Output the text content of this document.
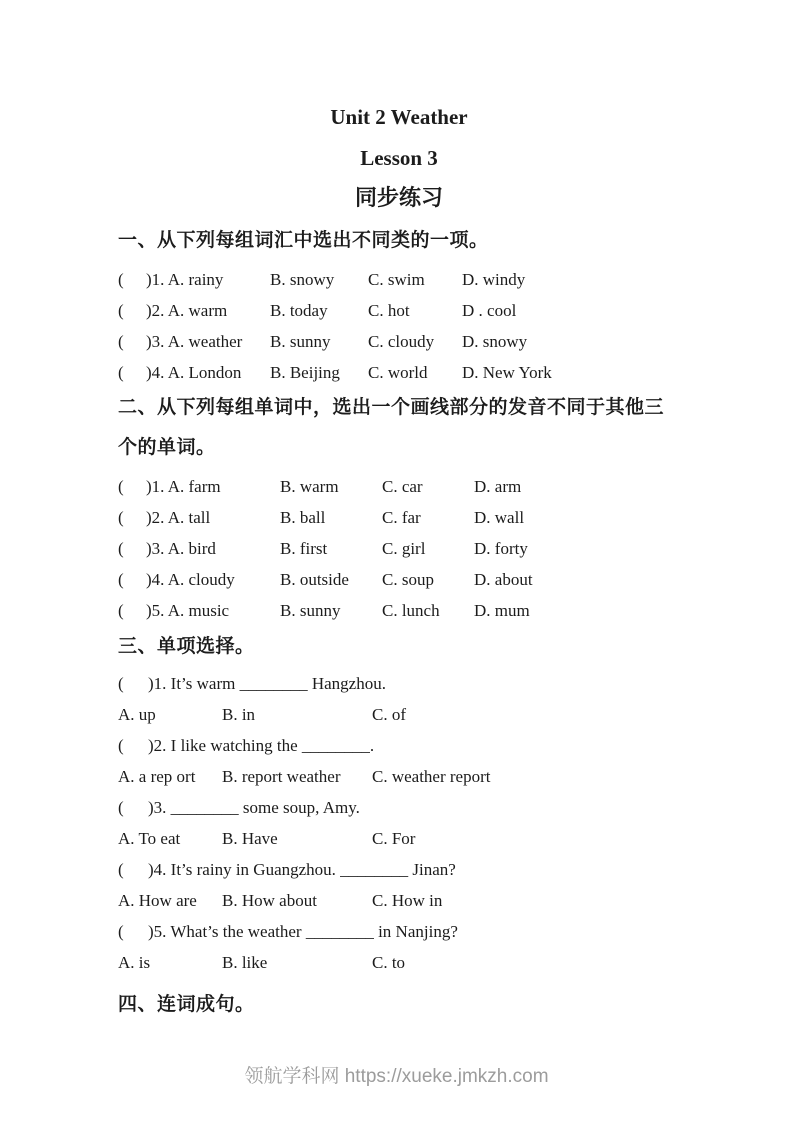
Unit 2 Weather
Lesson 3
同步练习
一、从下列每组词汇中选出不同类的一项。
(	)1. A. rainy	B. snowy	C. swim	D. windy
(	)2. A. warm	B. today	C. hot	D . cool
(	)3. A. weather	B. sunny	C. cloudy	D. snowy
(	)4. A. London	B. Beijing	C. world	D. New York
二、从下列每组单词中，选出一个画线部分的发音不同于其他三个的单词。
(	)1. A. farm	B. warm	C. car	D. arm
(	)2. A. tall	B. ball	C. far	D. wall
(	)3. A. bird	B. first	C. girl	D. forty
(	)4. A. cloudy	B. outside	C. soup	D. about
(	)5. A. music	B. sunny	C. lunch	D. mum
三、单项选择。
(	)1. It’s warm ________ Hangzhou.
A. up	B. in	C. of
(	)2. I like watching the ________.
A. a rep ort	B. report weather	C. weather report
(	)3. ________ some soup, Amy.
A. To eat	B. Have	C. For
(	)4. It’s rainy in Guangzhou. ________ Jinan?
A. How are	B. How about	C. How in
(	)5. What’s the weather ________ in Nanjing?
A. is	B. like	C. to
四、连词成句。
领航学科网 https://xueke.jmkzh.com
